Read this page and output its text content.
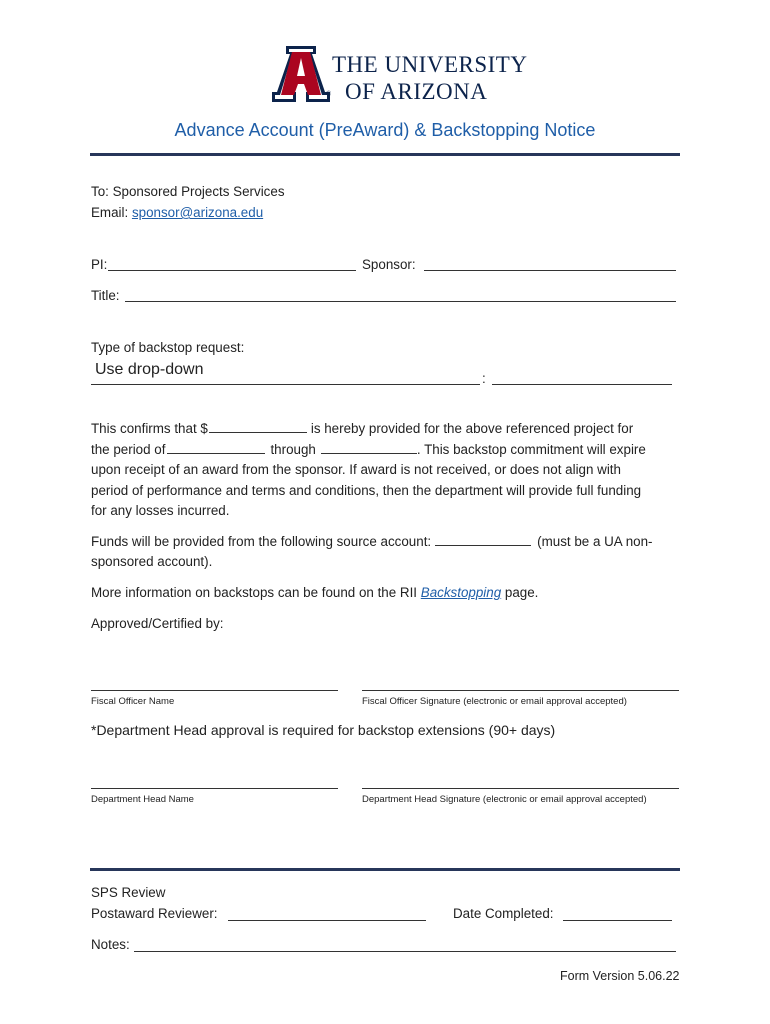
®
THE UNIVERSITY
OF ARIZONA
Advance Account (PreAward) & Backstopping Notice
To: Sponsored Projects Services
Email: sponsor@arizona.edu
PI:	Sponsor:
Title:
Type of backstop request:
Use drop-down
:
This confirms that $	is hereby provided for the above referenced project for
the period of	through	. This backstop commitment will expire
upon receipt of an award from the sponsor. If award is not received, or does not align with
period of performance and terms and conditions, then the department will provide full funding
for any losses incurred.
Funds will be provided from the following source account:	(must be a UA non-
sponsored account).
More information on backstops can be found on the RII Backstopping page.
Approved/Certified by:
Fiscal Officer Name	Fiscal Officer Signature (electronic or email approval accepted)
*Department Head approval is required for backstop extensions (90+ days)
Department Head Name	Department Head Signature (electronic or email approval accepted)
SPS Review
Postaward Reviewer:	Date Completed:
Notes:
Form Version 5.06.22
